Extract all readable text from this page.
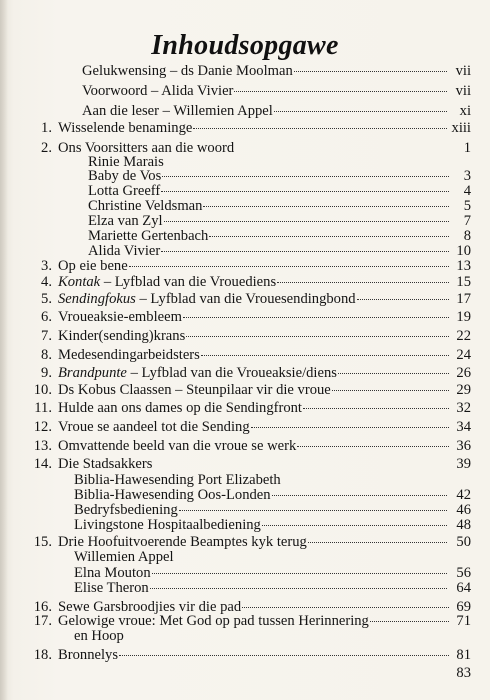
Inhoudsopgawe
Gelukwensing – ds Danie Moolman	vii
Voorwoord – Alida Vivier	vii
Aan die leser – Willemien Appel	xi
1. Wisselende benaminge	xiii
2. Ons Voorsitters aan die woord	1
Rinie Marais
Baby de Vos	3
Lotta Greeff	4
Christine Veldsman	5
Elza van Zyl	7
Mariette Gertenbach	8
Alida Vivier	10
3. Op eie bene	13
4. Kontak – Lyfblad van die Vrouediens	15
5. Sendingfokus – Lyfblad van die Vrouesendingbond	17
6. Vroueaksie-embleem	19
7. Kinder(sending)krans	22
8. Medesendingarbeidsters	24
9. Brandpunte – Lyfblad van die Vroueaksie/diens	26
10. Ds Kobus Claassen – Steunpilaar vir die vroue	29
11. Hulde aan ons dames op die Sendingfront	32
12. Vroue se aandeel tot die Sending	34
13. Omvattende beeld van die vroue se werk	36
14. Die Stadsakkers	39
Biblia-Hawesending Port Elizabeth
Biblia-Hawesending Oos-Londen	42
Bedryfsbediening	46
Livingstone Hospitaalbediening	48
15. Drie Hoofuitvoerende Beamptes kyk terug	50
Willemien Appel
Elna Mouton	56
Elise Theron	64
16. Sewe Garsbroodjies vir die pad	69
17. Gelowige vroue: Met God op pad tussen Herinnering	71
en Hoop
18. Bronnelys	81
83
